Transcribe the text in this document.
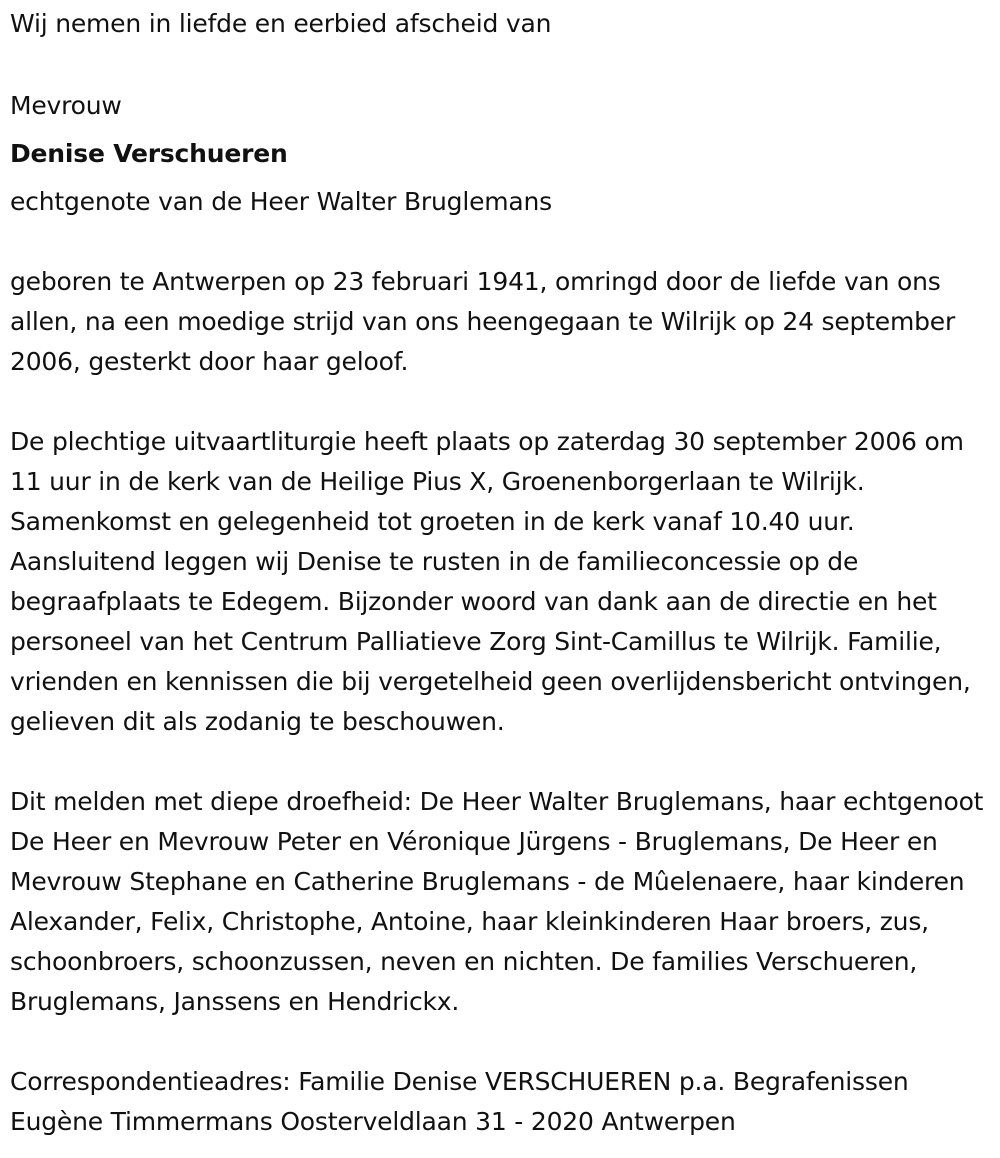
Wij nemen in liefde en eerbied afscheid van
Mevrouw
Denise Verschueren
echtgenote van de Heer Walter Bruglemans

geboren te Antwerpen op 23 februari 1941, omringd door de liefde van ons allen, na een moedige strijd van ons heengegaan te Wilrijk op 24 september 2006, gesterkt door haar geloof.

De plechtige uitvaartliturgie heeft plaats op zaterdag 30 september 2006 om 11 uur in de kerk van de Heilige Pius X, Groenenborgerlaan te Wilrijk. Samenkomst en gelegenheid tot groeten in de kerk vanaf 10.40 uur. Aansluitend leggen wij Denise te rusten in de familieconcessie op de begraafplaats te Edegem. Bijzonder woord van dank aan de directie en het personeel van het Centrum Palliatieve Zorg Sint-Camillus te Wilrijk. Familie, vrienden en kennissen die bij vergetelheid geen overlijdensbericht ontvingen, gelieven dit als zodanig te beschouwen.

Dit melden met diepe droefheid: De Heer Walter Bruglemans, haar echtgenoot De Heer en Mevrouw Peter en Véronique Jürgens - Bruglemans, De Heer en Mevrouw Stephane en Catherine Bruglemans - de Mûelenaere, haar kinderen Alexander, Felix, Christophe, Antoine, haar kleinkinderen Haar broers, zus, schoonbroers, schoonzussen, neven en nichten. De families Verschueren, Bruglemans, Janssens en Hendrickx.

Correspondentieadres: Familie Denise VERSCHUEREN p.a. Begrafenissen Eugène Timmermans Oosterveldlaan 31 - 2020 Antwerpen
